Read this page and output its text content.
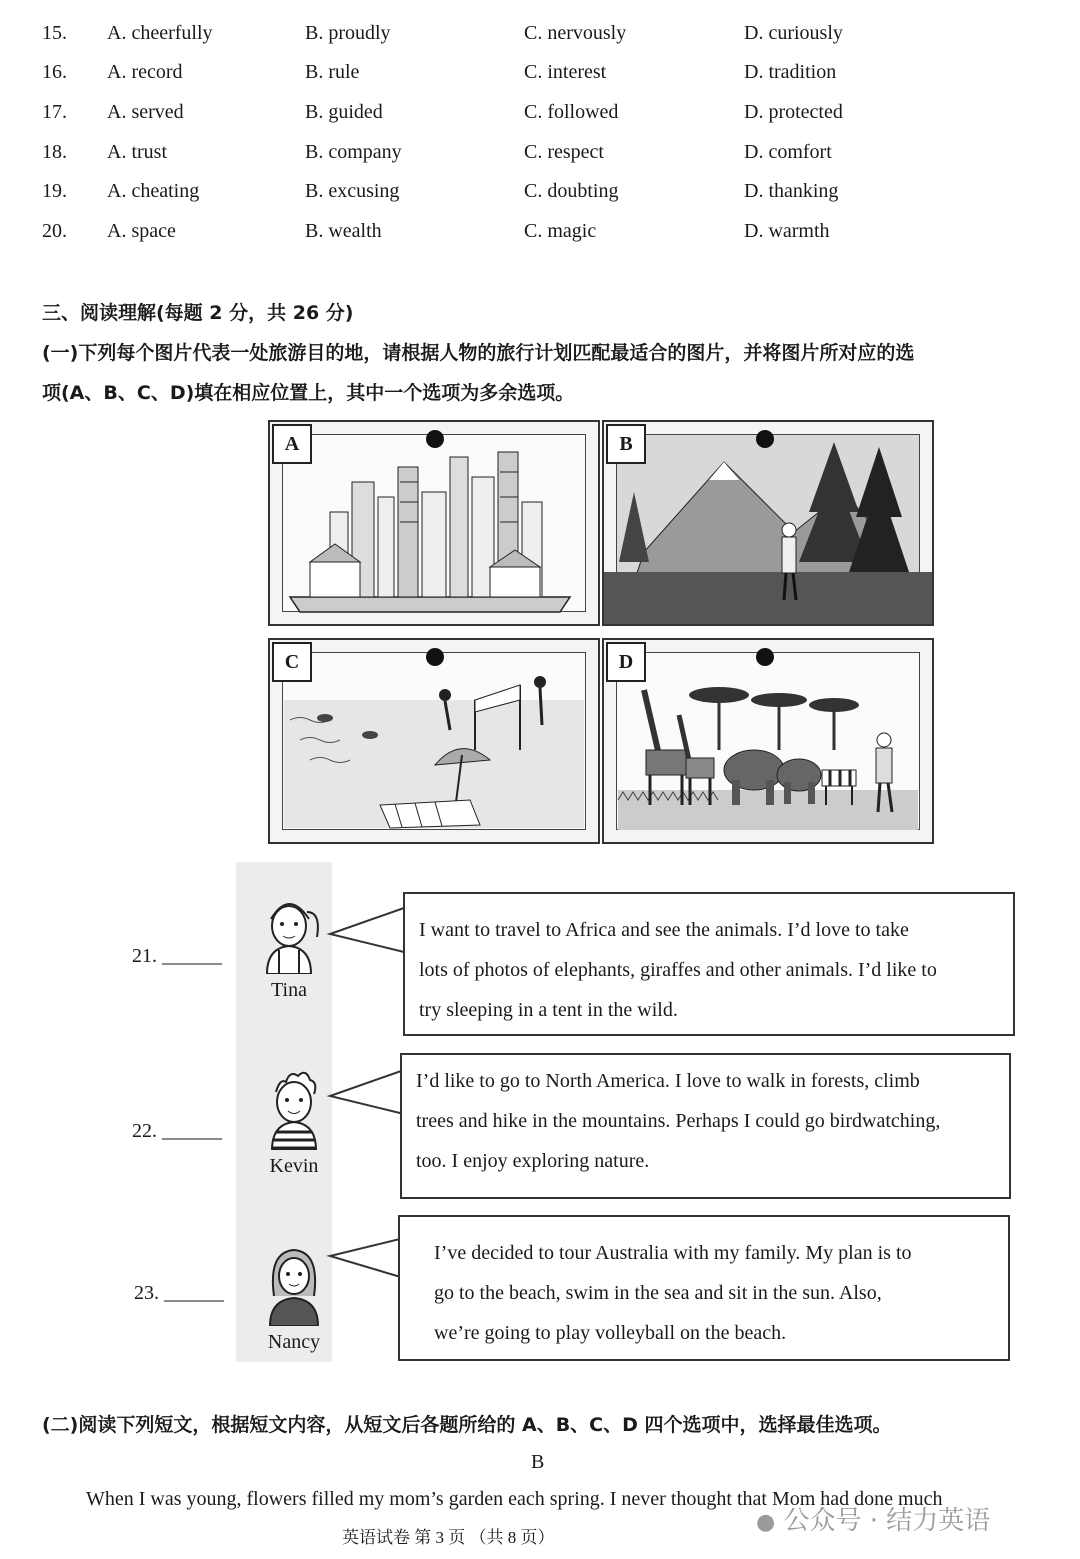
15. A. cheerfully	B. proudly	C. nervously	D. curiously
16. A. record	B. rule	C. interest	D. tradition
17. A. served	B. guided	C. followed	D. protected
18. A. trust	B. company	C. respect	D. comfort
19. A. cheating	B. excusing	C. doubting	D. thanking
20. A. space	B. wealth	C. magic	D. warmth
三、阅读理解(每题 2 分，共 26 分)
(一)下列每个图片代表一处旅游目的地，请根据人物的旅行计划匹配最适合的图片，并将图片所对应的选
项(A、B、C、D)填在相应位置上，其中一个选项为多余选项。
A	B
C	D
21. ______
Tina
I want to travel to Africa and see the animals. I’d love to take
lots of photos of elephants, giraffes and other animals. I’d like to
try sleeping in a tent in the wild.
22. ______
Kevin
I’d like to go to North America. I love to walk in forests, climb
trees and hike in the mountains. Perhaps I could go birdwatching,
too. I enjoy exploring nature.
23. ______
Nancy
I’ve decided to tour Australia with my family. My plan is to
go to the beach, swim in the sea and sit in the sun. Also,
we’re going to play volleyball on the beach.
(二)阅读下列短文，根据短文内容，从短文后各题所给的 A、B、C、D 四个选项中，选择最佳选项。
B
When I was young, flowers filled my mom’s garden each spring. I never thought that Mom had done much
英语试卷 第 3 页 （共 8 页）
● 公众号 · 结力英语
